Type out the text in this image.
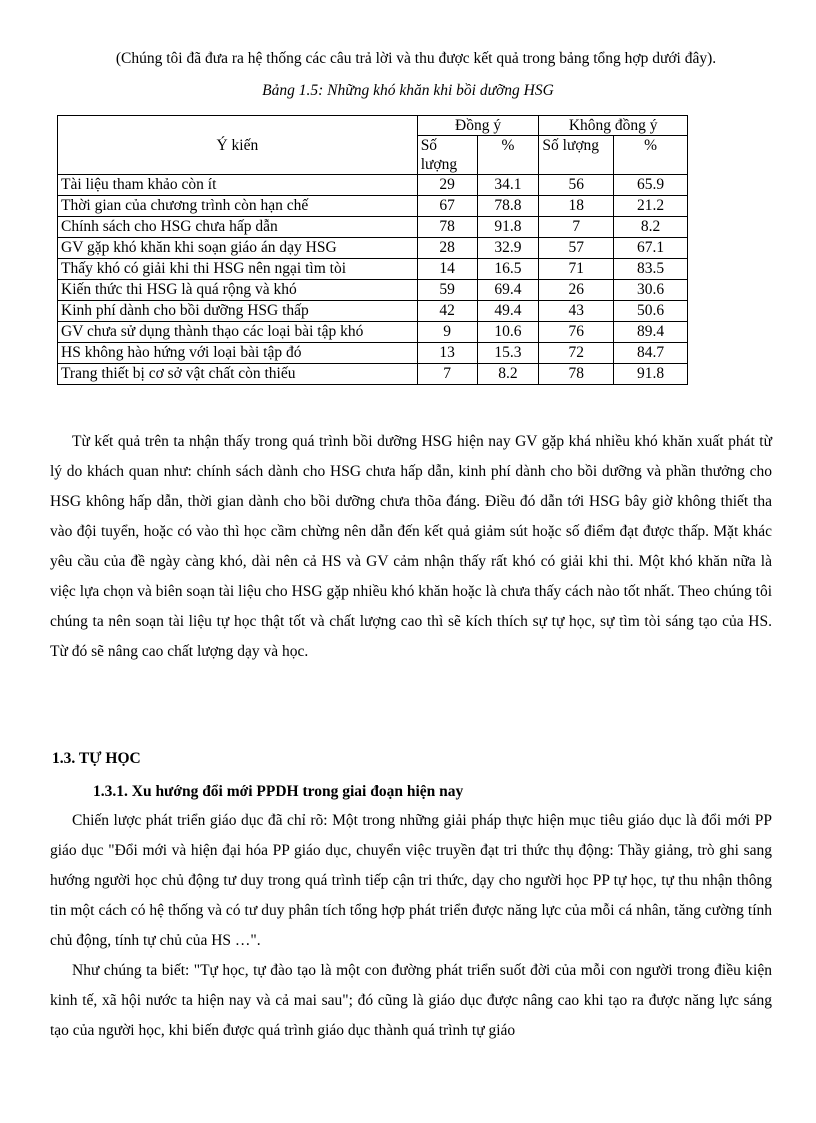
(Chúng tôi đã đưa ra hệ thống các câu trả lời và thu được kết quả trong bảng tổng hợp dưới đây).
Bảng 1.5: Những khó khăn khi bồi dưỡng HSG
Ý kiến	Đồng ý		Không đồng ý	
	Số lượng	%	Số lượng	%
Tài liệu tham khảo còn ít	29	34.1	56	65.9
Thời gian của chương trình còn hạn chế	67	78.8	18	21.2
Chính sách cho HSG chưa hấp dẫn	78	91.8	7	8.2
GV gặp khó khăn khi soạn giáo án dạy HSG	28	32.9	57	67.1
Thấy khó có giải khi thi HSG nên ngại tìm tòi	14	16.5	71	83.5
Kiến thức thi HSG là quá rộng và khó	59	69.4	26	30.6
Kinh phí dành cho bồi dưỡng HSG thấp	42	49.4	43	50.6
GV chưa sử dụng thành thạo các loại bài tập khó	9	10.6	76	89.4
HS không hào hứng với loại bài tập đó	13	15.3	72	84.7
Trang thiết bị cơ sở vật chất còn thiếu	7	8.2	78	91.8

Từ kết quả trên ta nhận thấy trong quá trình bồi dưỡng HSG hiện nay GV gặp khá nhiều khó khăn xuất phát từ lý do khách quan như: chính sách dành cho HSG chưa hấp dẫn, kinh phí dành cho bồi dưỡng và phần thưởng cho HSG không hấp dẫn, thời gian dành cho bồi dưỡng chưa thõa đáng. Điều đó dẫn tới HSG bây giờ không thiết tha vào đội tuyển, hoặc có vào thì học cầm chừng nên dẫn đến kết quả giảm sút hoặc số điểm đạt được thấp. Mặt khác yêu cầu của đề ngày càng khó, dài nên cả HS và GV cảm nhận thấy rất khó có giải khi thi. Một khó khăn nữa là việc lựa chọn và biên soạn tài liệu cho HSG gặp nhiều khó khăn hoặc là chưa thấy cách nào tốt nhất. Theo chúng tôi chúng ta nên soạn tài liệu tự học thật tốt và chất lượng cao thì sẽ kích thích sự tự học, sự tìm tòi sáng tạo của HS. Từ đó sẽ nâng cao chất lượng dạy và học.

1.3. TỰ HỌC
1.3.1. Xu hướng đổi mới PPDH trong giai đoạn hiện nay

Chiến lược phát triển giáo dục đã chỉ rõ: Một trong những giải pháp thực hiện mục tiêu giáo dục là đổi mới PP giáo dục "Đổi mới và hiện đại hóa PP giáo dục, chuyển việc truyền đạt tri thức thụ động: Thầy giảng, trò ghi sang hướng người học chủ động tư duy trong quá trình tiếp cận tri thức, dạy cho người học PP tự học, tự thu nhận thông tin một cách có hệ thống và có tư duy phân tích tổng hợp phát triển được năng lực của mỗi cá nhân, tăng cường tính chủ động, tính tự chủ của HS …".

Như chúng ta biết: "Tự học, tự đào tạo là một con đường phát triển suốt đời của mỗi con người trong điều kiện kinh tế, xã hội nước ta hiện nay và cả mai sau"; đó cũng là giáo dục được nâng cao khi tạo ra được năng lực sáng tạo của người học, khi biến được quá trình giáo dục thành quá trình tự giáo
